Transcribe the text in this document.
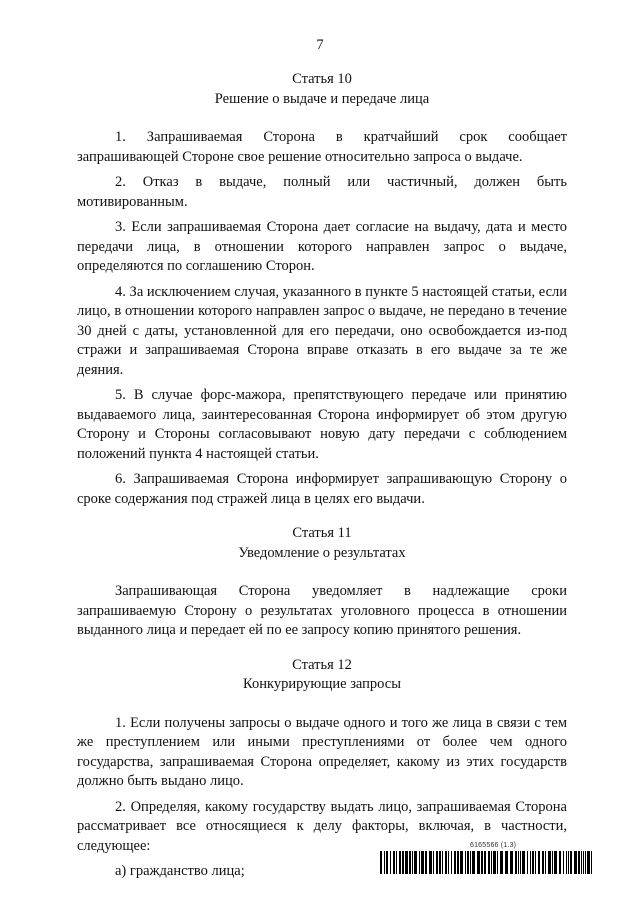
7

Статья 10

Решение о выдаче и передаче лица

1. Запрашиваемая Сторона в кратчайший срок сообщает запрашивающей Стороне свое решение относительно запроса о выдаче.

2. Отказ в выдаче, полный или частичный, должен быть мотивированным.

3. Если запрашиваемая Сторона дает согласие на выдачу, дата и место передачи лица, в отношении которого направлен запрос о выдаче, определяются по соглашению Сторон.

4. За исключением случая, указанного в пункте 5 настоящей статьи, если лицо, в отношении которого направлен запрос о выдаче, не передано в течение 30 дней с даты, установленной для его передачи, оно освобождается из-под стражи и запрашиваемая Сторона вправе отказать в его выдаче за те же деяния.

5. В случае форс-мажора, препятствующего передаче или принятию выдаваемого лица, заинтересованная Сторона информирует об этом другую Сторону и Стороны согласовывают новую дату передачи с соблюдением положений пункта 4 настоящей статьи.

6. Запрашиваемая Сторона информирует запрашивающую Сторону о сроке содержания под стражей лица в целях его выдачи.

Статья 11

Уведомление о результатах

Запрашивающая Сторона уведомляет в надлежащие сроки запрашиваемую Сторону о результатах уголовного процесса в отношении выданного лица и передает ей по ее запросу копию принятого решения.

Статья 12

Конкурирующие запросы

1. Если получены запросы о выдаче одного и того же лица в связи с тем же преступлением или иными преступлениями от более чем одного государства, запрашиваемая Сторона определяет, какому из этих государств должно быть выдано лицо.

2. Определяя, какому государству выдать лицо, запрашиваемая Сторона рассматривает все относящиеся к делу факторы, включая, в частности, следующее:

а) гражданство лица;

6165566 (1.3)
